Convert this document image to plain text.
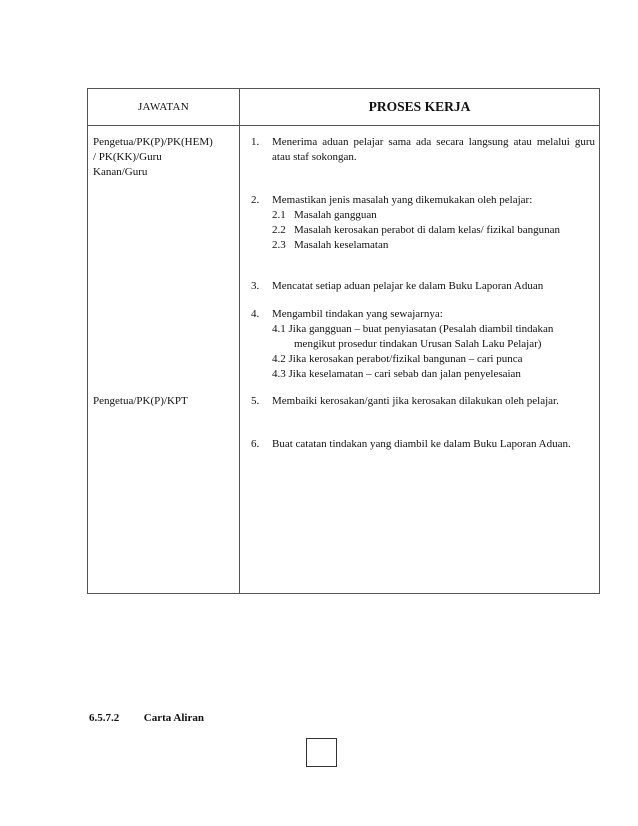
JAWATAN	PROSES KERJA
Pengetua/PK(P)/PK(HEM)
/ PK(KK)/Guru
Kanan/Guru
Pengetua/PK(P)/KPT
1. Menerima aduan pelajar sama ada secara langsung atau melalui guru atau staf sokongan.
2. Memastikan jenis masalah yang dikemukakan oleh pelajar:
2.1 Masalah gangguan
2.2 Masalah kerosakan perabot di dalam kelas/ fizikal bangunan
2.3 Masalah keselamatan
3. Mencatat setiap aduan pelajar ke dalam Buku Laporan Aduan
4. Mengambil tindakan yang sewajarnya:
4.1 Jika gangguan – buat penyiasatan (Pesalah diambil tindakan
mengikut prosedur tindakan Urusan Salah Laku Pelajar)
4.2 Jika kerosakan perabot/fizikal bangunan – cari punca
4.3 Jika keselamatan – cari sebab dan jalan penyelesaian
5. Membaiki kerosakan/ganti jika kerosakan dilakukan oleh pelajar.
6. Buat catatan tindakan yang diambil ke dalam Buku Laporan Aduan.
6.5.7.2 Carta Aliran
